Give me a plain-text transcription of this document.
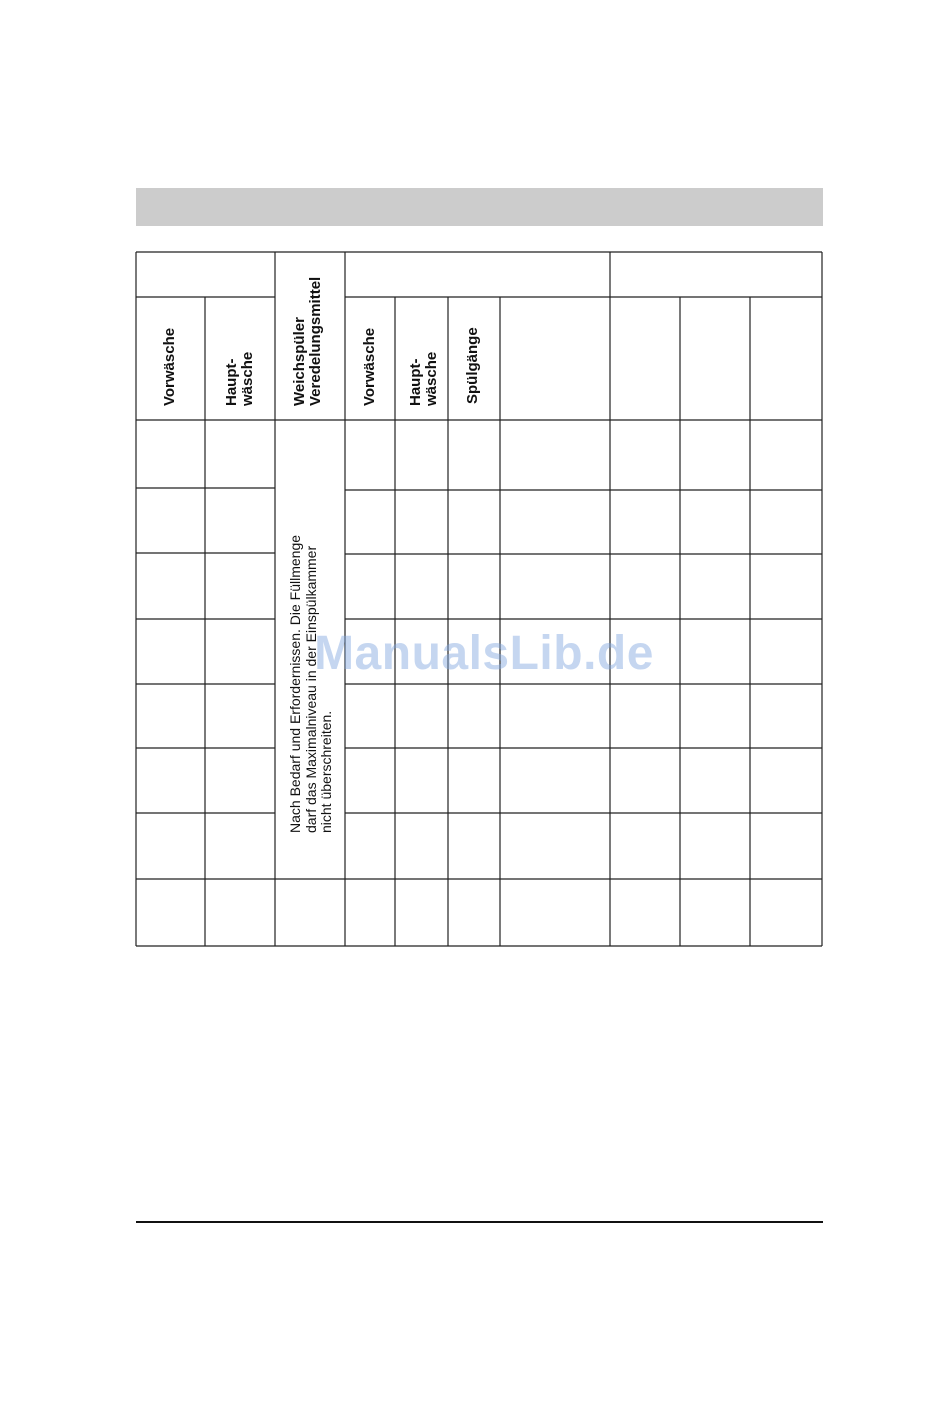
Vorwäsche	Haupt-
wäsche Weichspüler
Veredelungsmittel Vorwäsche Haupt-
wäsche Spülgänge
Nach Bedarf und Erfordernissen. Die Füllmenge
darf das Maximalniveau in der Einspülkammer
nicht überschreiten.
ManualsLib.de
